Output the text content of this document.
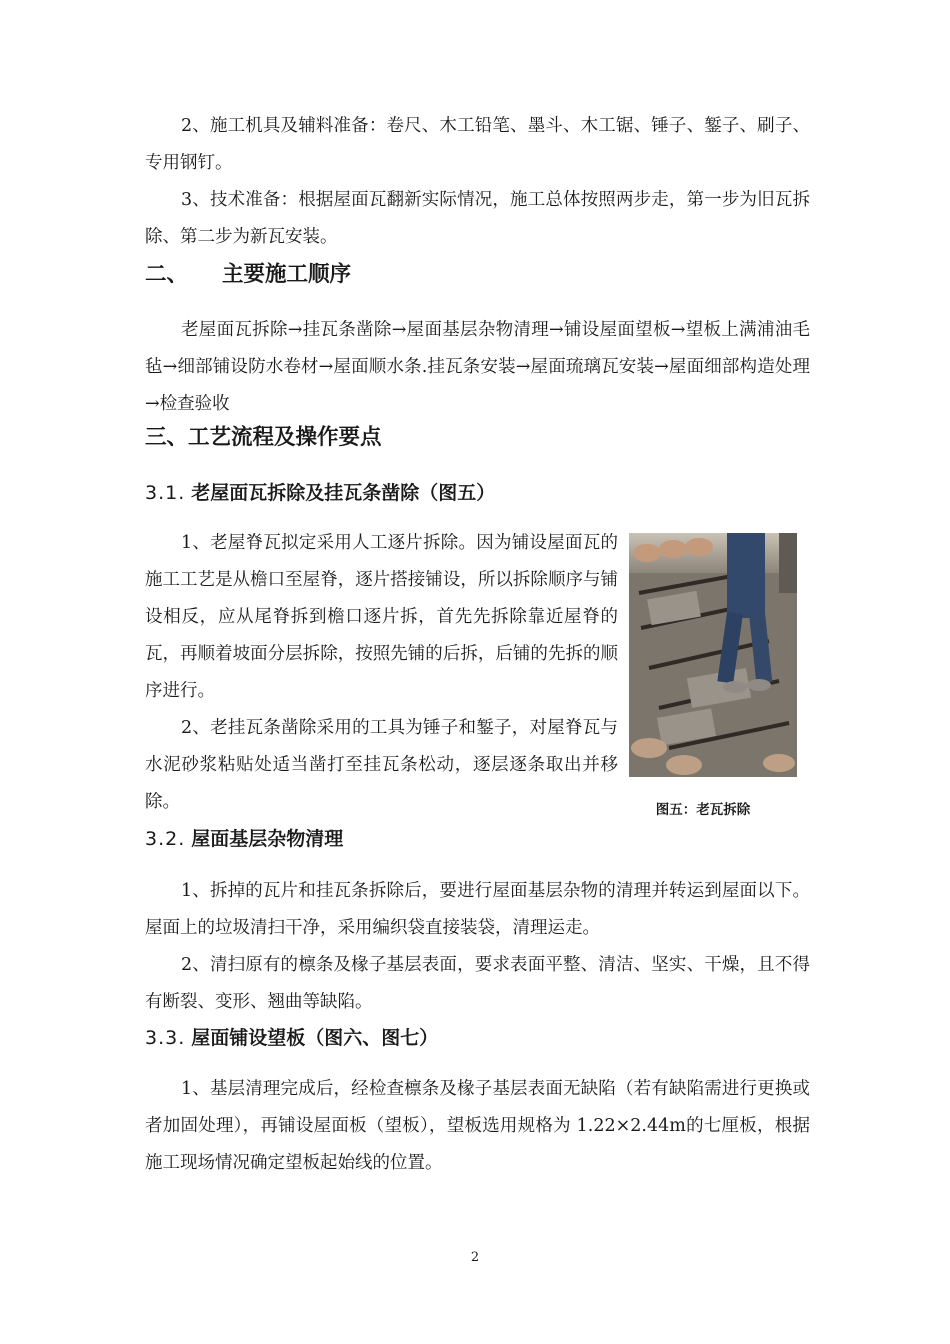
2、施工机具及辅料准备：卷尺、木工铅笔、墨斗、木工锯、锤子、錾子、刷子、专用钢钉。

3、技术准备：根据屋面瓦翻新实际情况，施工总体按照两步走，第一步为旧瓦拆除、第二步为新瓦安装。

二、 主要施工顺序

老屋面瓦拆除→挂瓦条凿除→屋面基层杂物清理→铺设屋面望板→望板上满浦油毛毡→细部铺设防水卷材→屋面顺水条.挂瓦条安装→屋面琉璃瓦安装→屋面细部构造处理→检查验收

三、工艺流程及操作要点
3.1. 老屋面瓦拆除及挂瓦条凿除（图五）

1、老屋脊瓦拟定采用人工逐片拆除。因为铺设屋面瓦的施工工艺是从檐口至屋脊，逐片搭接铺设，所以拆除顺序与铺设相反，应从尾脊拆到檐口逐片拆，首先先拆除靠近屋脊的瓦，再顺着坡面分层拆除，按照先铺的后拆，后铺的先拆的顺序进行。

2、老挂瓦条凿除采用的工具为锤子和錾子，对屋脊瓦与水泥砂浆粘贴处适当凿打至挂瓦条松动，逐层逐条取出并移除。	图五：老瓦拆除
3.2. 屋面基层杂物清理

1、拆掉的瓦片和挂瓦条拆除后，要进行屋面基层杂物的清理并转运到屋面以下。屋面上的垃圾清扫干净，采用编织袋直接装袋，清理运走。

2、清扫原有的檩条及椽子基层表面，要求表面平整、清洁、坚实、干燥，且不得有断裂、变形、翘曲等缺陷。

3.3. 屋面铺设望板（图六、图七）

1、基层清理完成后，经检查檩条及椽子基层表面无缺陷（若有缺陷需进行更换或者加固处理），再铺设屋面板（望板），望板选用规格为 1.22×2.44m的七厘板，根据施工现场情况确定望板起始线的位置。

2
